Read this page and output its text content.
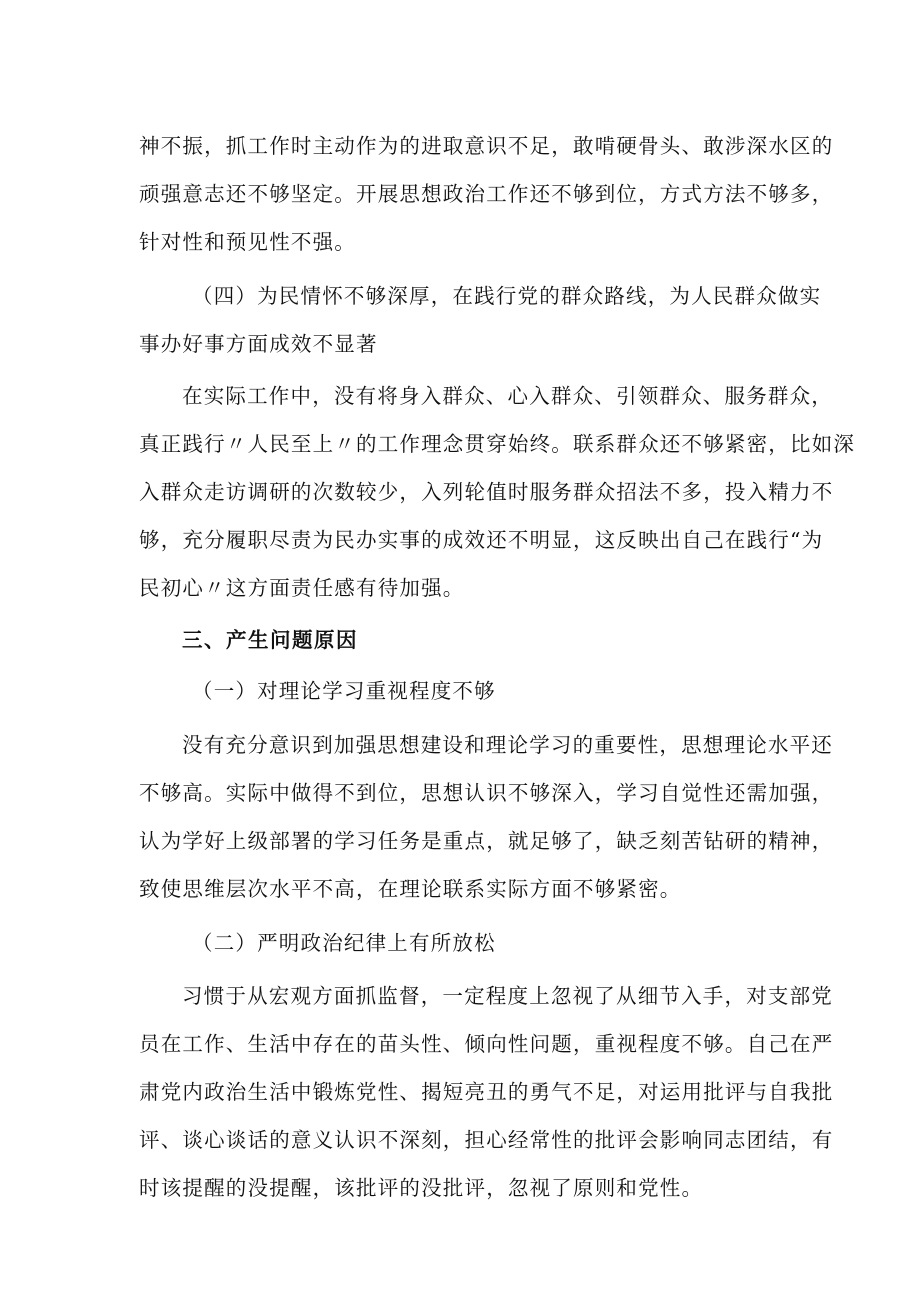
神不振，抓工作时主动作为的进取意识不足，敢啃硬骨头、敢涉深水区的
顽强意志还不够坚定。开展思想政治工作还不够到位，方式方法不够多，
针对性和预见性不强。
（四）为民情怀不够深厚，在践行党的群众路线，为人民群众做实
事办好事方面成效不显著
在实际工作中，没有将身入群众、心入群众、引领群众、服务群众，
真正践行〃人民至上〃的工作理念贯穿始终。联系群众还不够紧密，比如深
入群众走访调研的次数较少，入列轮值时服务群众招法不多，投入精力不
够，充分履职尽责为民办实事的成效还不明显，这反映出自己在践行“为
民初心〃这方面责任感有待加强。
三、产生问题原因
（一）对理论学习重视程度不够
没有充分意识到加强思想建设和理论学习的重要性，思想理论水平还
不够高。实际中做得不到位，思想认识不够深入，学习自觉性还需加强，
认为学好上级部署的学习任务是重点，就足够了，缺乏刻苦钻研的精神，
致使思维层次水平不高，在理论联系实际方面不够紧密。
（二）严明政治纪律上有所放松
习惯于从宏观方面抓监督，一定程度上忽视了从细节入手，对支部党
员在工作、生活中存在的苗头性、倾向性问题，重视程度不够。自己在严
肃党内政治生活中锻炼党性、揭短亮丑的勇气不足，对运用批评与自我批
评、谈心谈话的意义认识不深刻，担心经常性的批评会影响同志团结，有
时该提醒的没提醒，该批评的没批评，忽视了原则和党性。
